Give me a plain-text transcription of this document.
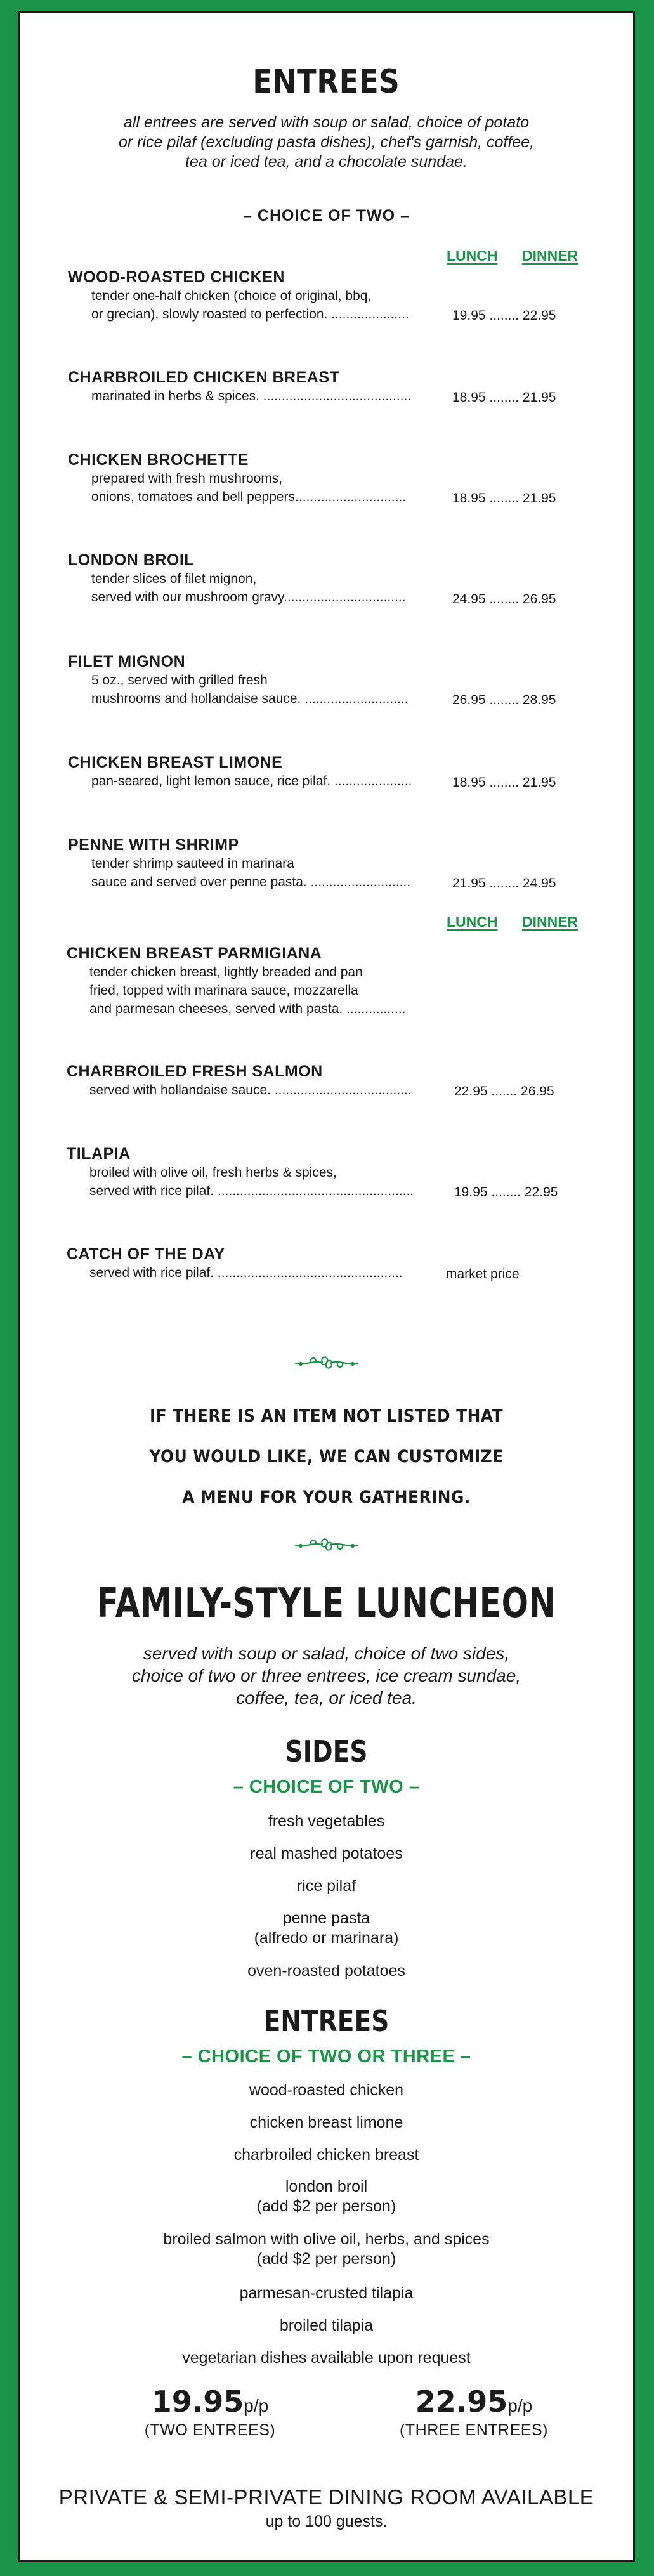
ENTREES
all entrees are served with soup or salad, choice of potato
or rice pilaf (excluding pasta dishes), chef's garnish, coffee,
tea or iced tea, and a chocolate sundae.
– CHOICE OF TWO –
LUNCH DINNER
WOOD-ROASTED CHICKEN
tender one-half chicken (choice of original, bbq,
or grecian), slowly roasted to perfection. .....................	19.95 ........ 22.95
CHARBROILED CHICKEN BREAST
marinated in herbs & spices. ........................................	18.95 ........ 21.95
CHICKEN BROCHETTE
prepared with fresh mushrooms,
onions, tomatoes and bell peppers..............................	18.95 ........ 21.95
LONDON BROIL
tender slices of filet mignon,
served with our mushroom gravy.................................	24.95 ........ 26.95
FILET MIGNON
5 oz., served with grilled fresh
mushrooms and hollandaise sauce. ............................	26.95 ........ 28.95
CHICKEN BREAST LIMONE
pan-seared, light lemon sauce, rice pilaf. .....................	18.95 ........ 21.95
PENNE WITH SHRIMP
tender shrimp sauteed in marinara
sauce and served over penne pasta. ...........................	21.95 ........ 24.95
LUNCH DINNER
CHICKEN BREAST PARMIGIANA
tender chicken breast, lightly breaded and pan
fried, topped with marinara sauce, mozzarella
and parmesan cheeses, served with pasta. ................
CHARBROILED FRESH SALMON
served with hollandaise sauce. .....................................	22.95 ....... 26.95
TILAPIA
broiled with olive oil, fresh herbs & spices,
served with rice pilaf. .....................................................	19.95 ........ 22.95
CATCH OF THE DAY
served with rice pilaf. ..................................................	market price
IF THERE IS AN ITEM NOT LISTED THAT
YOU WOULD LIKE, WE CAN CUSTOMIZE
A MENU FOR YOUR GATHERING.
FAMILY-STYLE LUNCHEON
served with soup or salad, choice of two sides,
choice of two or three entrees, ice cream sundae,
coffee, tea, or iced tea.
SIDES
– CHOICE OF TWO –
fresh vegetables
real mashed potatoes
rice pilaf
penne pasta
(alfredo or marinara)
oven-roasted potatoes
ENTREES
– CHOICE OF TWO OR THREE –
wood-roasted chicken
chicken breast limone
charbroiled chicken breast
london broil
(add $2 per person)
broiled salmon with olive oil, herbs, and spices
(add $2 per person)
parmesan-crusted tilapia
broiled tilapia
vegetarian dishes available upon request
19.95p/p
(TWO ENTREES)
22.95p/p
(THREE ENTREES)
PRIVATE & SEMI-PRIVATE DINING ROOM AVAILABLE
up to 100 guests.
